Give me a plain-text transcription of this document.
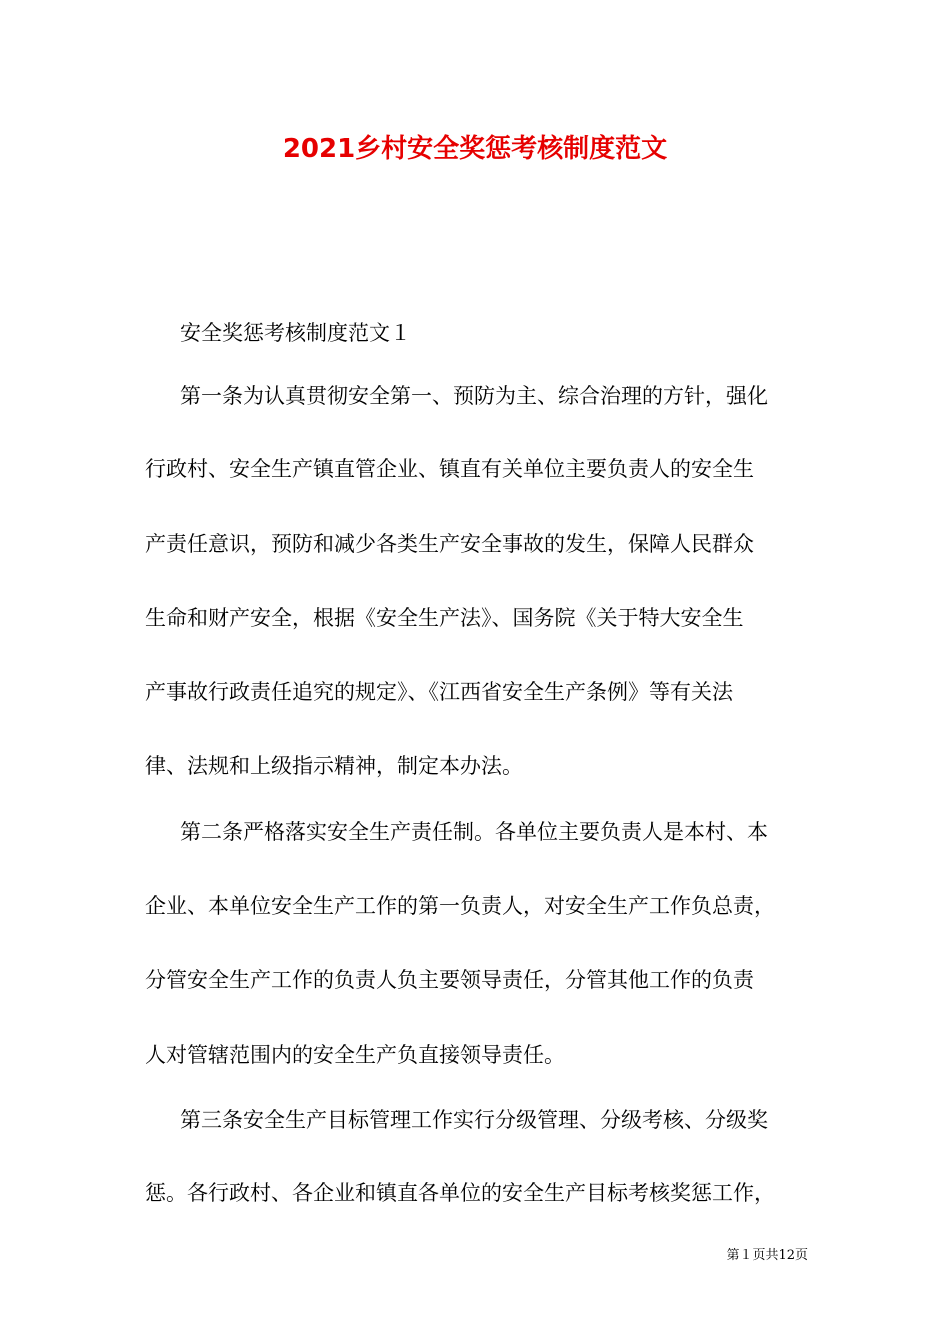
2021乡村安全奖惩考核制度范文
安全奖惩考核制度范文１
第一条为认真贯彻安全第一、预防为主、综合治理的方针，强化
行政村、安全生产镇直管企业、镇直有关单位主要负责人的安全生
产责任意识，预防和减少各类生产安全事故的发生，保障人民群众
生命和财产安全，根据《安全生产法》、国务院《关于特大安全生
产事故行政责任追究的规定》、《江西省安全生产条例》等有关法
律、法规和上级指示精神，制定本办法。
第二条严格落实安全生产责任制。各单位主要负责人是本村、本
企业、本单位安全生产工作的第一负责人，对安全生产工作负总责，
分管安全生产工作的负责人负主要领导责任，分管其他工作的负责
人对管辖范围内的安全生产负直接领导责任。
第三条安全生产目标管理工作实行分级管理、分级考核、分级奖
惩。各行政村、各企业和镇直各单位的安全生产目标考核奖惩工作，
第１页共12页
